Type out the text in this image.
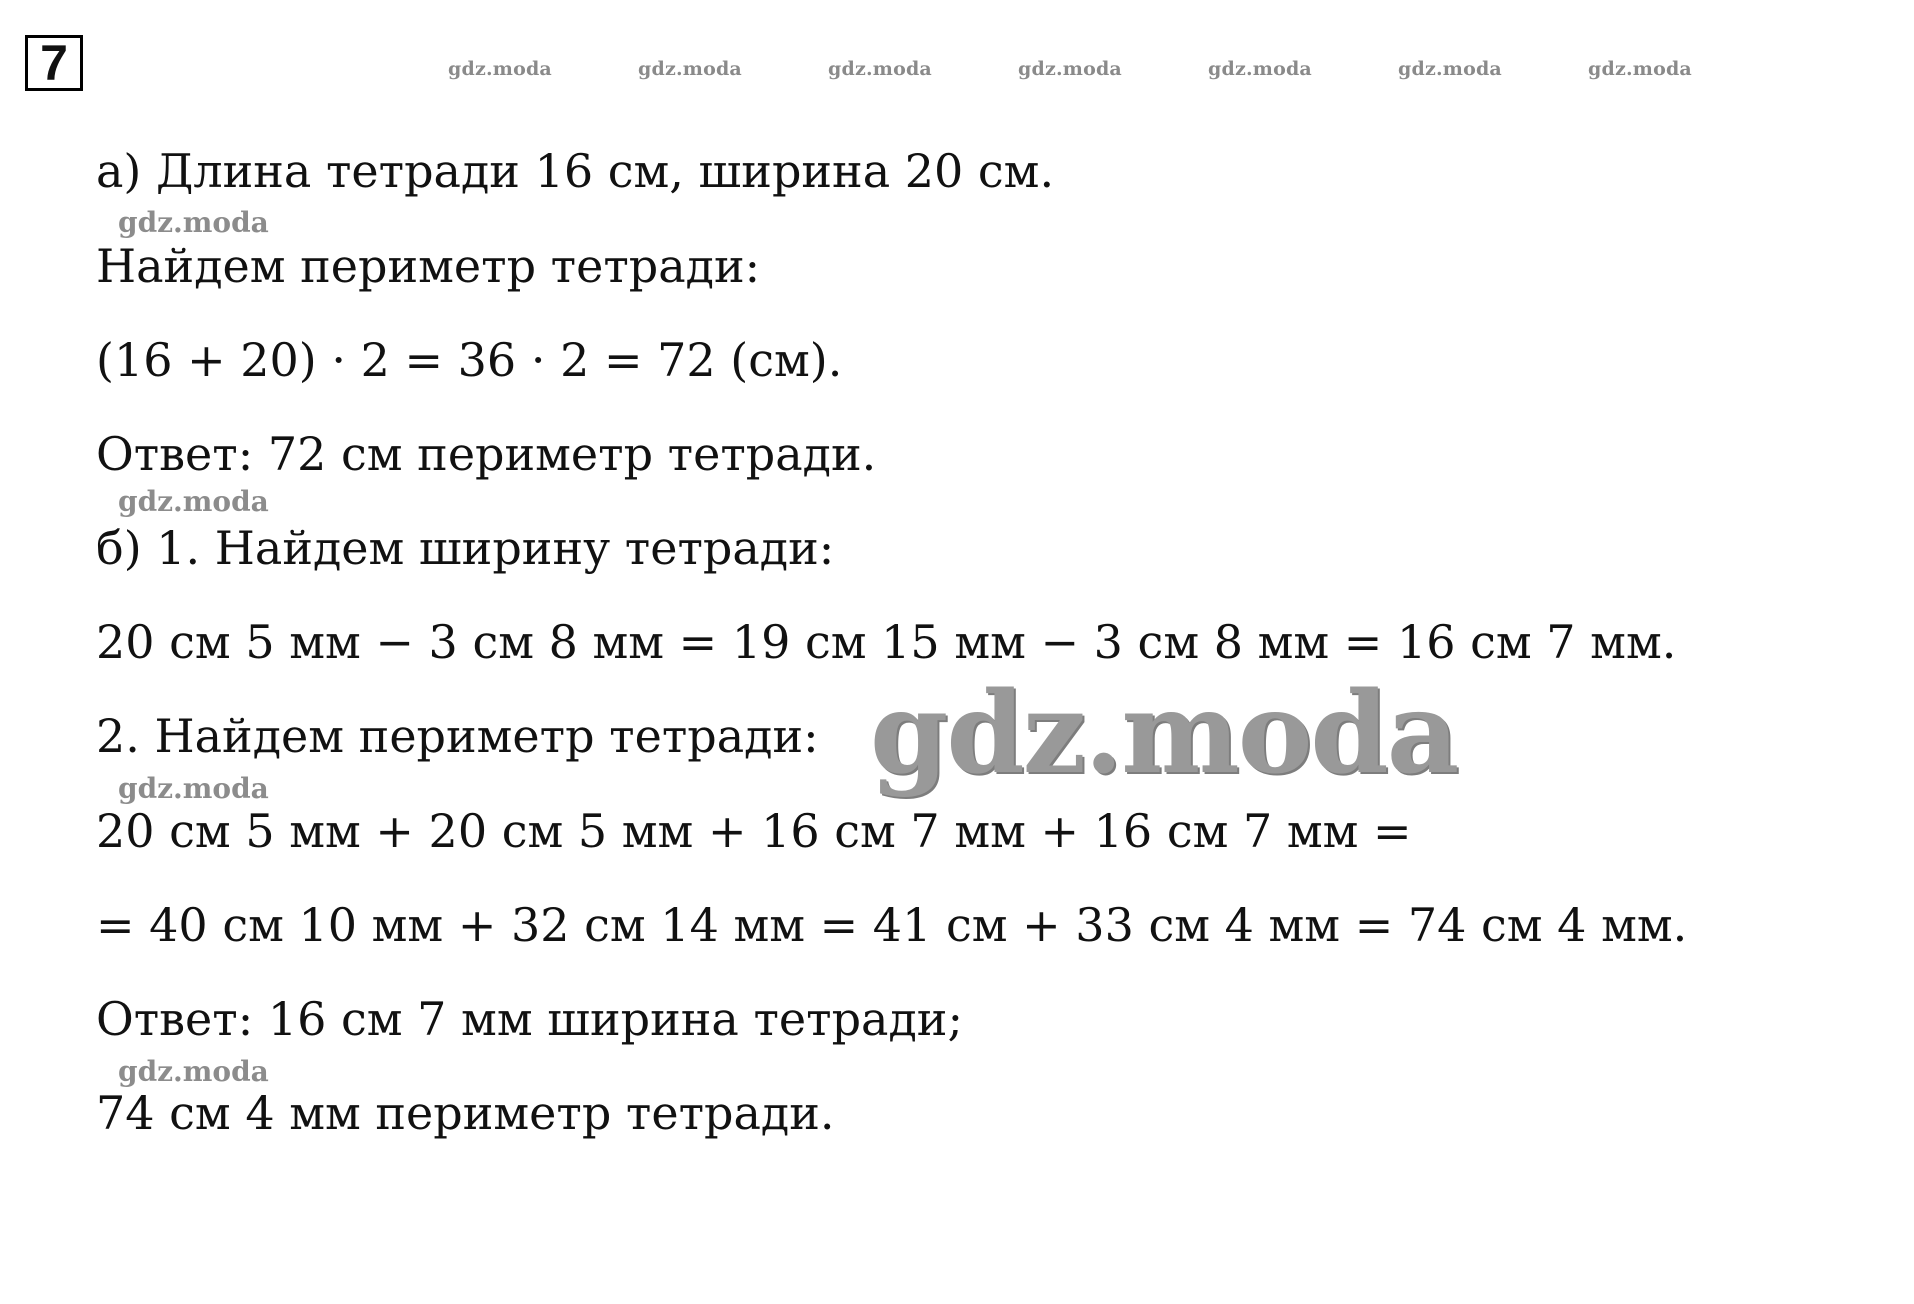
7	gdz.moda	gdz.moda	gdz.moda	gdz.moda	gdz.moda	gdz.moda	gdz.moda
gdz.moda
gdz.moda
gdz.moda
gdz.moda
а) Длина тетради 16 см, ширина 20 см.
Найдем периметр тетради:
(16 + 20) · 2 = 36 · 2 = 72 (см).
Ответ: 72 см периметр тетради.
б) 1. Найдем ширину тетради:
20 см 5 мм − 3 см 8 мм = 19 см 15 мм − 3 см 8 мм = 16 см 7 мм.
2. Найдем периметр тетради:
20 см 5 мм + 20 см 5 мм + 16 см 7 мм + 16 см 7 мм =
= 40 см 10 мм + 32 см 14 мм = 41 см + 33 см 4 мм = 74 см 4 мм.
Ответ: 16 см 7 мм ширина тетради;
74 см 4 мм периметр тетради.
gdz.moda
